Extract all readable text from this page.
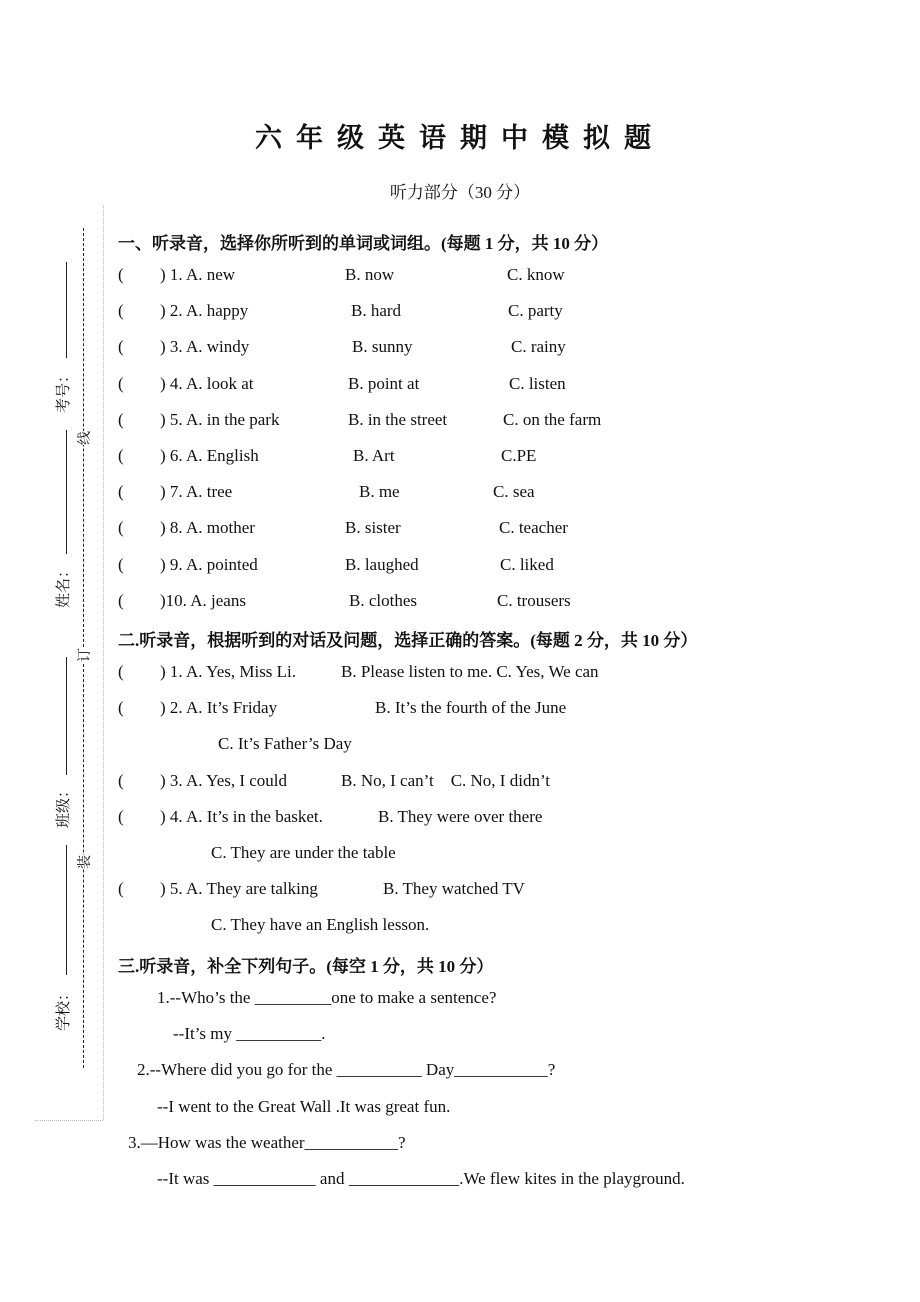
六年级英语期中模拟题
听力部分（30 分）
考号：
姓名：
班级：
学校：
线
订
装
一、听录音，选择你所听到的单词或词组。(每题 1 分，共 10 分）
( ) 1. A. new	B. now	C. know
( ) 2. A. happy	B. hard	C. party
( ) 3. A. windy	B. sunny	C. rainy
( ) 4. A. look at	B. point at	C. listen
( ) 5. A. in the park	B. in the street	C. on the farm
( ) 6. A. English	B. Art	C.PE
( ) 7. A. tree	B. me	C. sea
( ) 8. A. mother	B. sister	C. teacher
( ) 9. A. pointed	B. laughed	C. liked
( )10. A. jeans	B. clothes	C. trousers
二.听录音，根据听到的对话及问题，选择正确的答案。(每题 2 分，共 10 分）
( ) 1. A. Yes, Miss Li.	B. Please listen to me. C. Yes, We can
( ) 2. A. It’s Friday	B. It’s the fourth of the June
C. It’s Father’s Day
( ) 3. A. Yes, I could	B. No, I can’t    C. No, I didn’t
( ) 4. A. It’s in the basket.	B. They were over there
C. They are under the table
( ) 5. A. They are talking	B. They watched TV
C. They have an English lesson.
三.听录音，补全下列句子。(每空 1 分，共 10 分）
1.--Who’s the _________one to make a sentence?
--It’s my __________.
2.--Where did you go for the __________ Day___________?
--I went to the Great Wall .It was great fun.
3.—How was the weather___________?
--It was ____________ and _____________.We flew kites in the playground.
